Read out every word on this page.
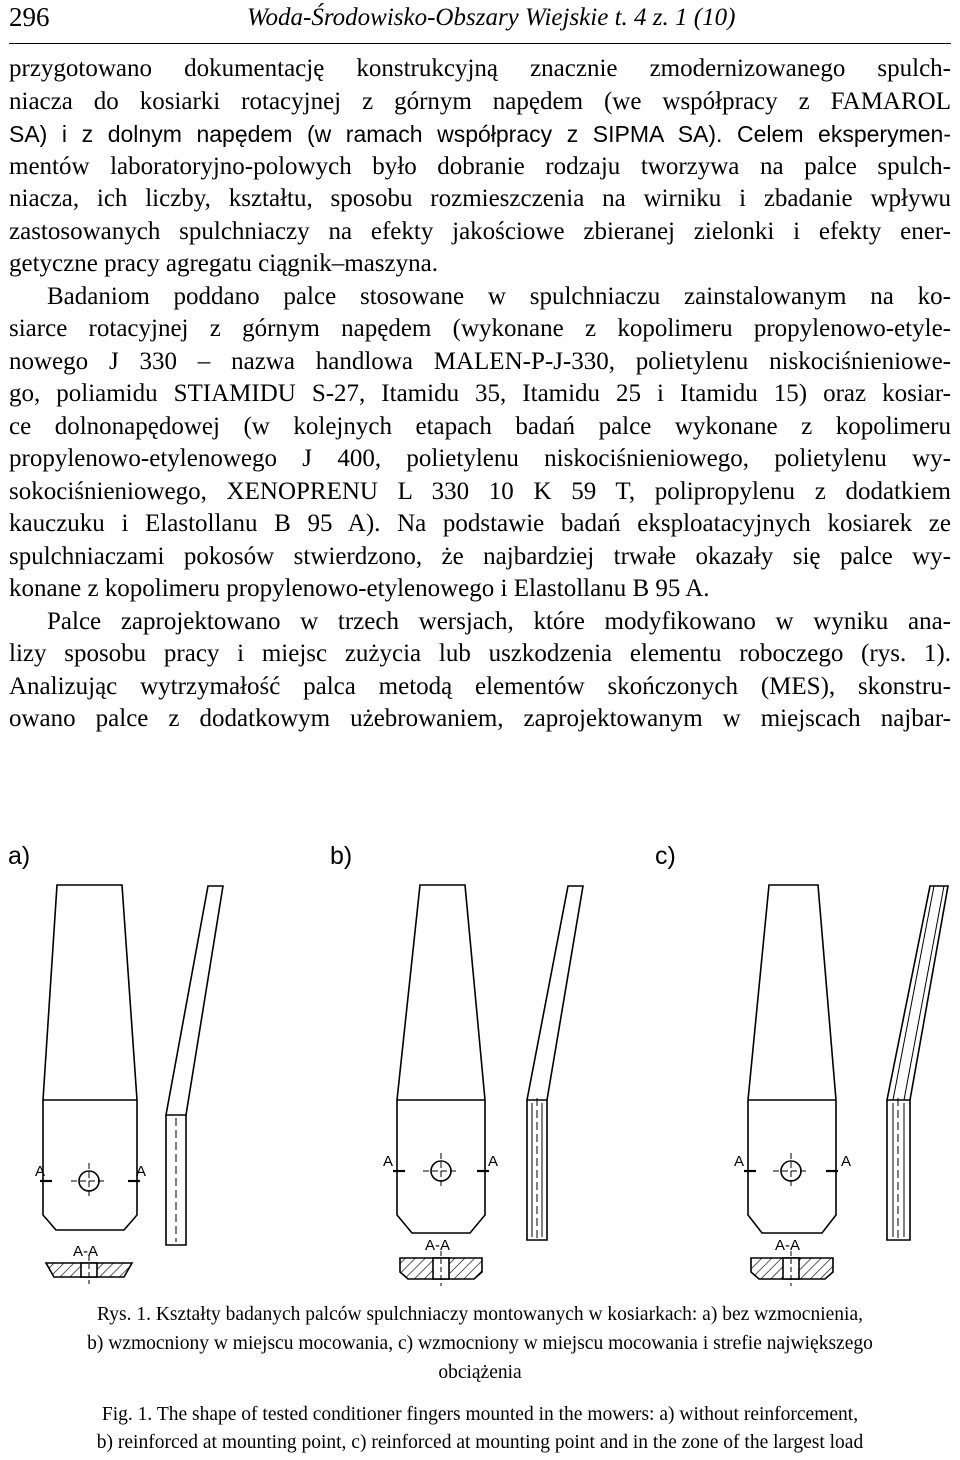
296	Woda-Środowisko-Obszary Wiejskie t. 4 z. 1 (10)
przygotowano dokumentację konstrukcyjną znacznie zmodernizowanego spulch-
niacza do kosiarki rotacyjnej z górnym napędem (we współpracy z FAMAROL
SA) i z dolnym napędem (w ramach współpracy z SIPMA SA). Celem eksperymen-
mentów laboratoryjno-polowych było dobranie rodzaju tworzywa na palce spulch-
niacza, ich liczby, kształtu, sposobu rozmieszczenia na wirniku i zbadanie wpływu
zastosowanych spulchniaczy na efekty jakościowe zbieranej zielonki i efekty ener-
getyczne pracy agregatu ciągnik–maszyna.
Badaniom poddano palce stosowane w spulchniaczu zainstalowanym na ko-
siarce rotacyjnej z górnym napędem (wykonane z kopolimeru propylenowo-etyle-
nowego J 330 – nazwa handlowa MALEN-P-J-330, polietylenu niskociśnieniowe-
go, poliamidu STIAMIDU S-27, Itamidu 35, Itamidu 25 i Itamidu 15) oraz kosiar-
ce dolnonapędowej (w kolejnych etapach badań palce wykonane z kopolimeru
propylenowo-etylenowego J 400, polietylenu niskociśnieniowego, polietylenu wy-
sokociśnieniowego, XENOPRENU L 330 10 K 59 T, polipropylenu z dodatkiem
kauczuku i Elastollanu B 95 A). Na podstawie badań eksploatacyjnych kosiarek ze
spulchniaczami pokosów stwierdzono, że najbardziej trwałe okazały się palce wy-
konane z kopolimeru propylenowo-etylenowego i Elastollanu B 95 A.
Palce zaprojektowano w trzech wersjach, które modyfikowano w wyniku ana-
lizy sposobu pracy i miejsc zużycia lub uszkodzenia elementu roboczego (rys. 1).
Analizując wytrzymałość palca metodą elementów skończonych (MES), skonstru-
owano palce z dodatkowym użebrowaniem, zaprojektowanym w miejscach najbar-
a)	b)	c)
A	A
A	A	A	A
A-A	A-A	A-A
Rys. 1. Kształty badanych palców spulchniaczy montowanych w kosiarkach: a) bez wzmocnienia,
b) wzmocniony w miejscu mocowania, c) wzmocniony w miejscu mocowania i strefie największego
obciążenia
Fig. 1. The shape of tested conditioner fingers mounted in the mowers: a) without reinforcement,
b) reinforced at mounting point, c) reinforced at mounting point and in the zone of the largest load
